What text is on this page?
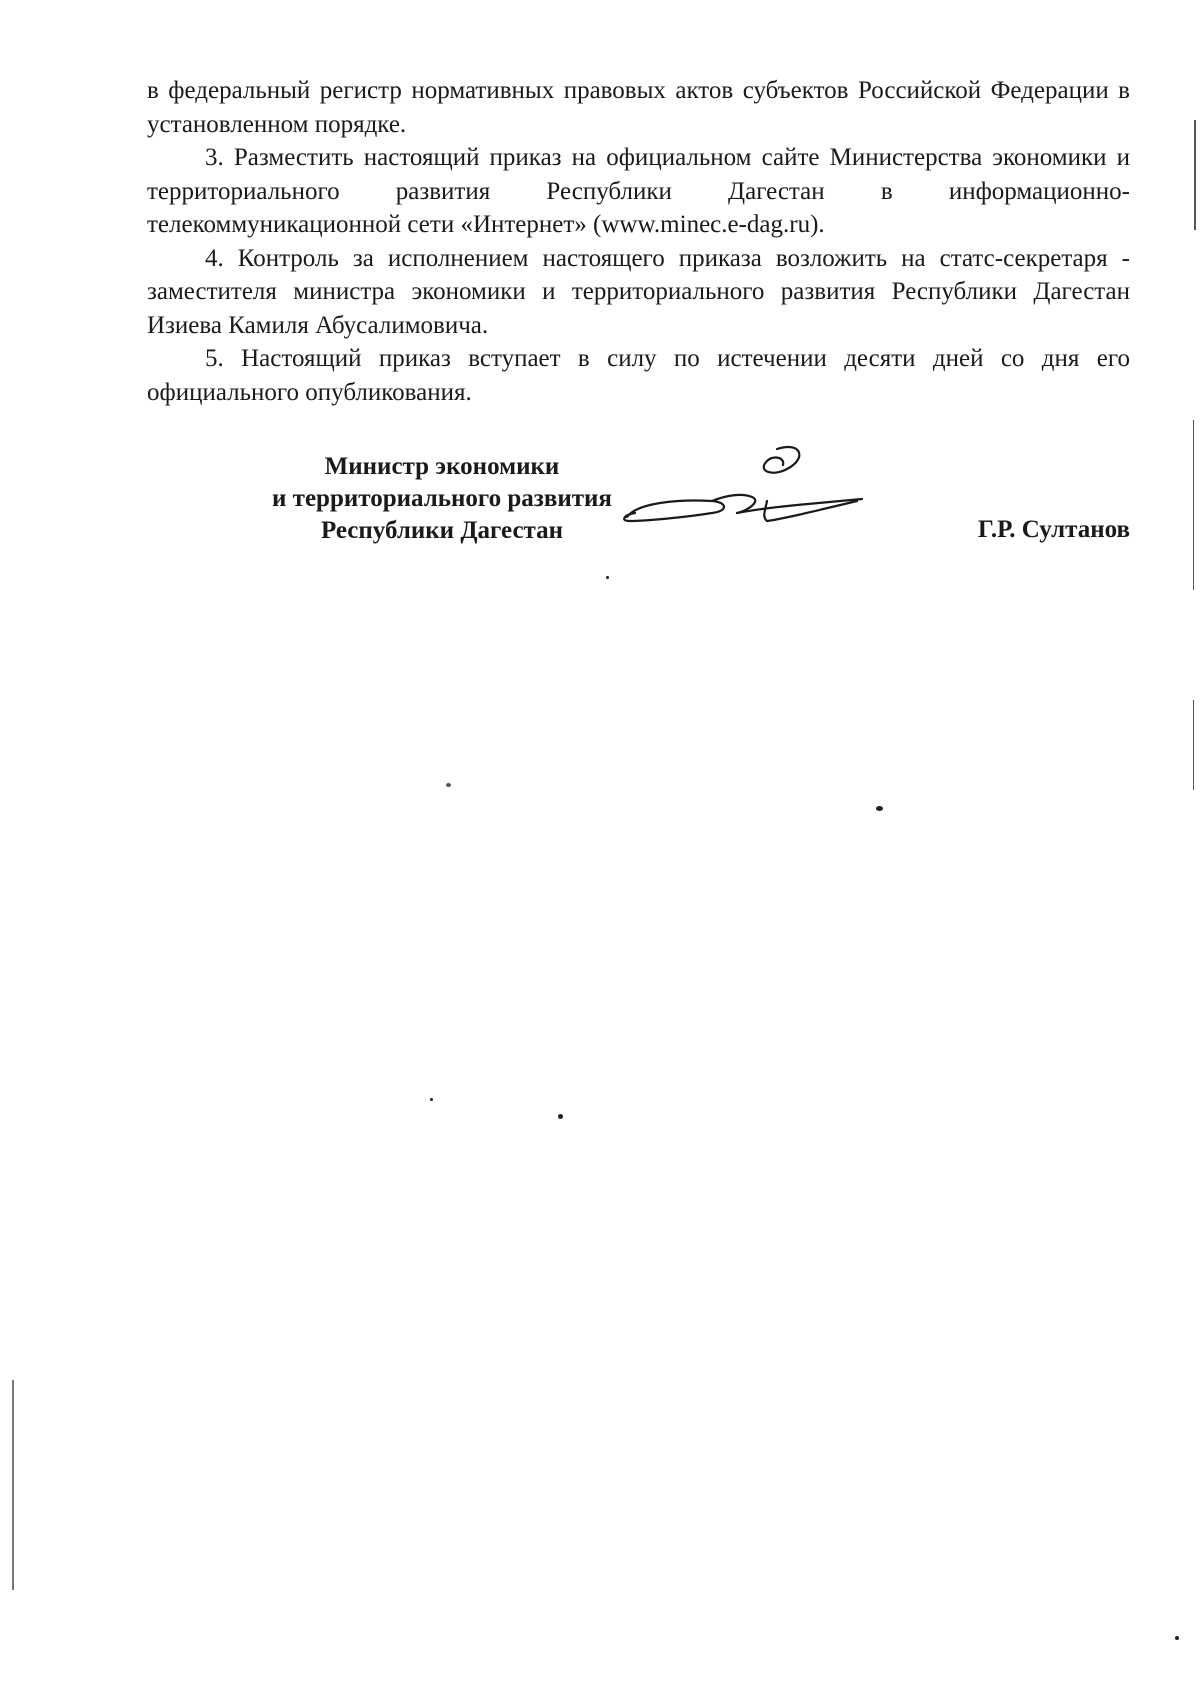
в федеральный регистр нормативных правовых актов субъектов Российской Федерации в установленном порядке.

3. Разместить настоящий приказ на официальном сайте Министерства экономики и территориального развития Республики Дагестан в информационно-телекоммуникационной сети «Интернет» (www.minec.e-dag.ru).

4. Контроль за исполнением настоящего приказа возложить на статс-секретаря - заместителя министра экономики и территориального развития Республики Дагестан Изиева Камиля Абусалимовича.

5. Настоящий приказ вступает в силу по истечении десяти дней со дня его официального опубликования.

Министр экономики
и территориального развития
Республики Дагестан	Г.Р. Султанов
